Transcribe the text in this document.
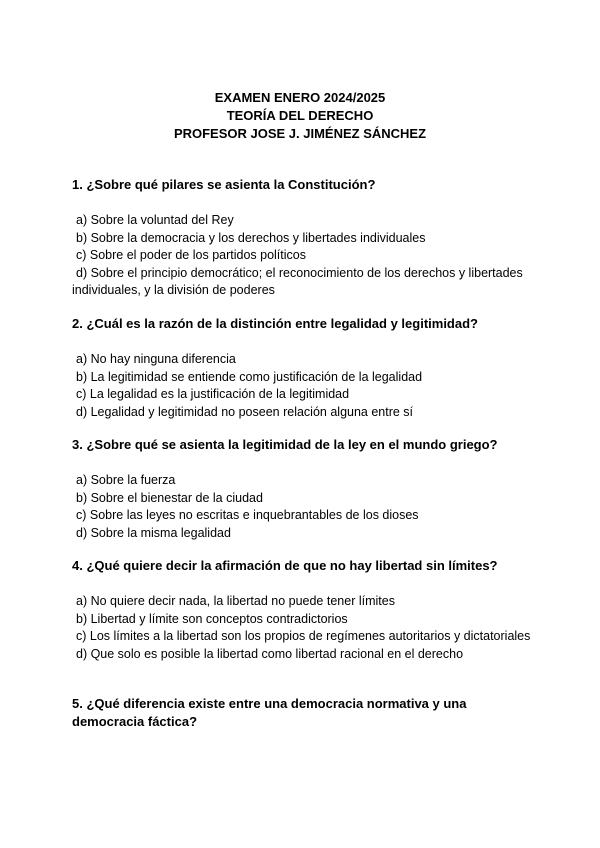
EXAMEN ENERO 2024/2025
TEORÍA DEL DERECHO
PROFESOR JOSE J. JIMÉNEZ SÁNCHEZ

1. ¿Sobre qué pilares se asienta la Constitución?

a) Sobre la voluntad del Rey
b) Sobre la democracia y los derechos y libertades individuales
c) Sobre el poder de los partidos políticos
d) Sobre el principio democrático; el reconocimiento de los derechos y libertades individuales, y la división de poderes

2. ¿Cuál es la razón de la distinción entre legalidad y legitimidad?

a) No hay ninguna diferencia
b) La legitimidad se entiende como justificación de la legalidad
c) La legalidad es la justificación de la legitimidad
d) Legalidad y legitimidad no poseen relación alguna entre sí

3. ¿Sobre qué se asienta la legitimidad de la ley en el mundo griego?

a) Sobre la fuerza
b) Sobre el bienestar de la ciudad
c) Sobre las leyes no escritas e inquebrantables de los dioses
d) Sobre la misma legalidad

4. ¿Qué quiere decir la afirmación de que no hay libertad sin límites?

a) No quiere decir nada, la libertad no puede tener límites
b) Libertad y límite son conceptos contradictorios
c) Los límites a la libertad son los propios de regímenes autoritarios y dictatoriales
d) Que solo es posible la libertad como libertad racional en el derecho

5. ¿Qué diferencia existe entre una democracia normativa y una democracia fáctica?
